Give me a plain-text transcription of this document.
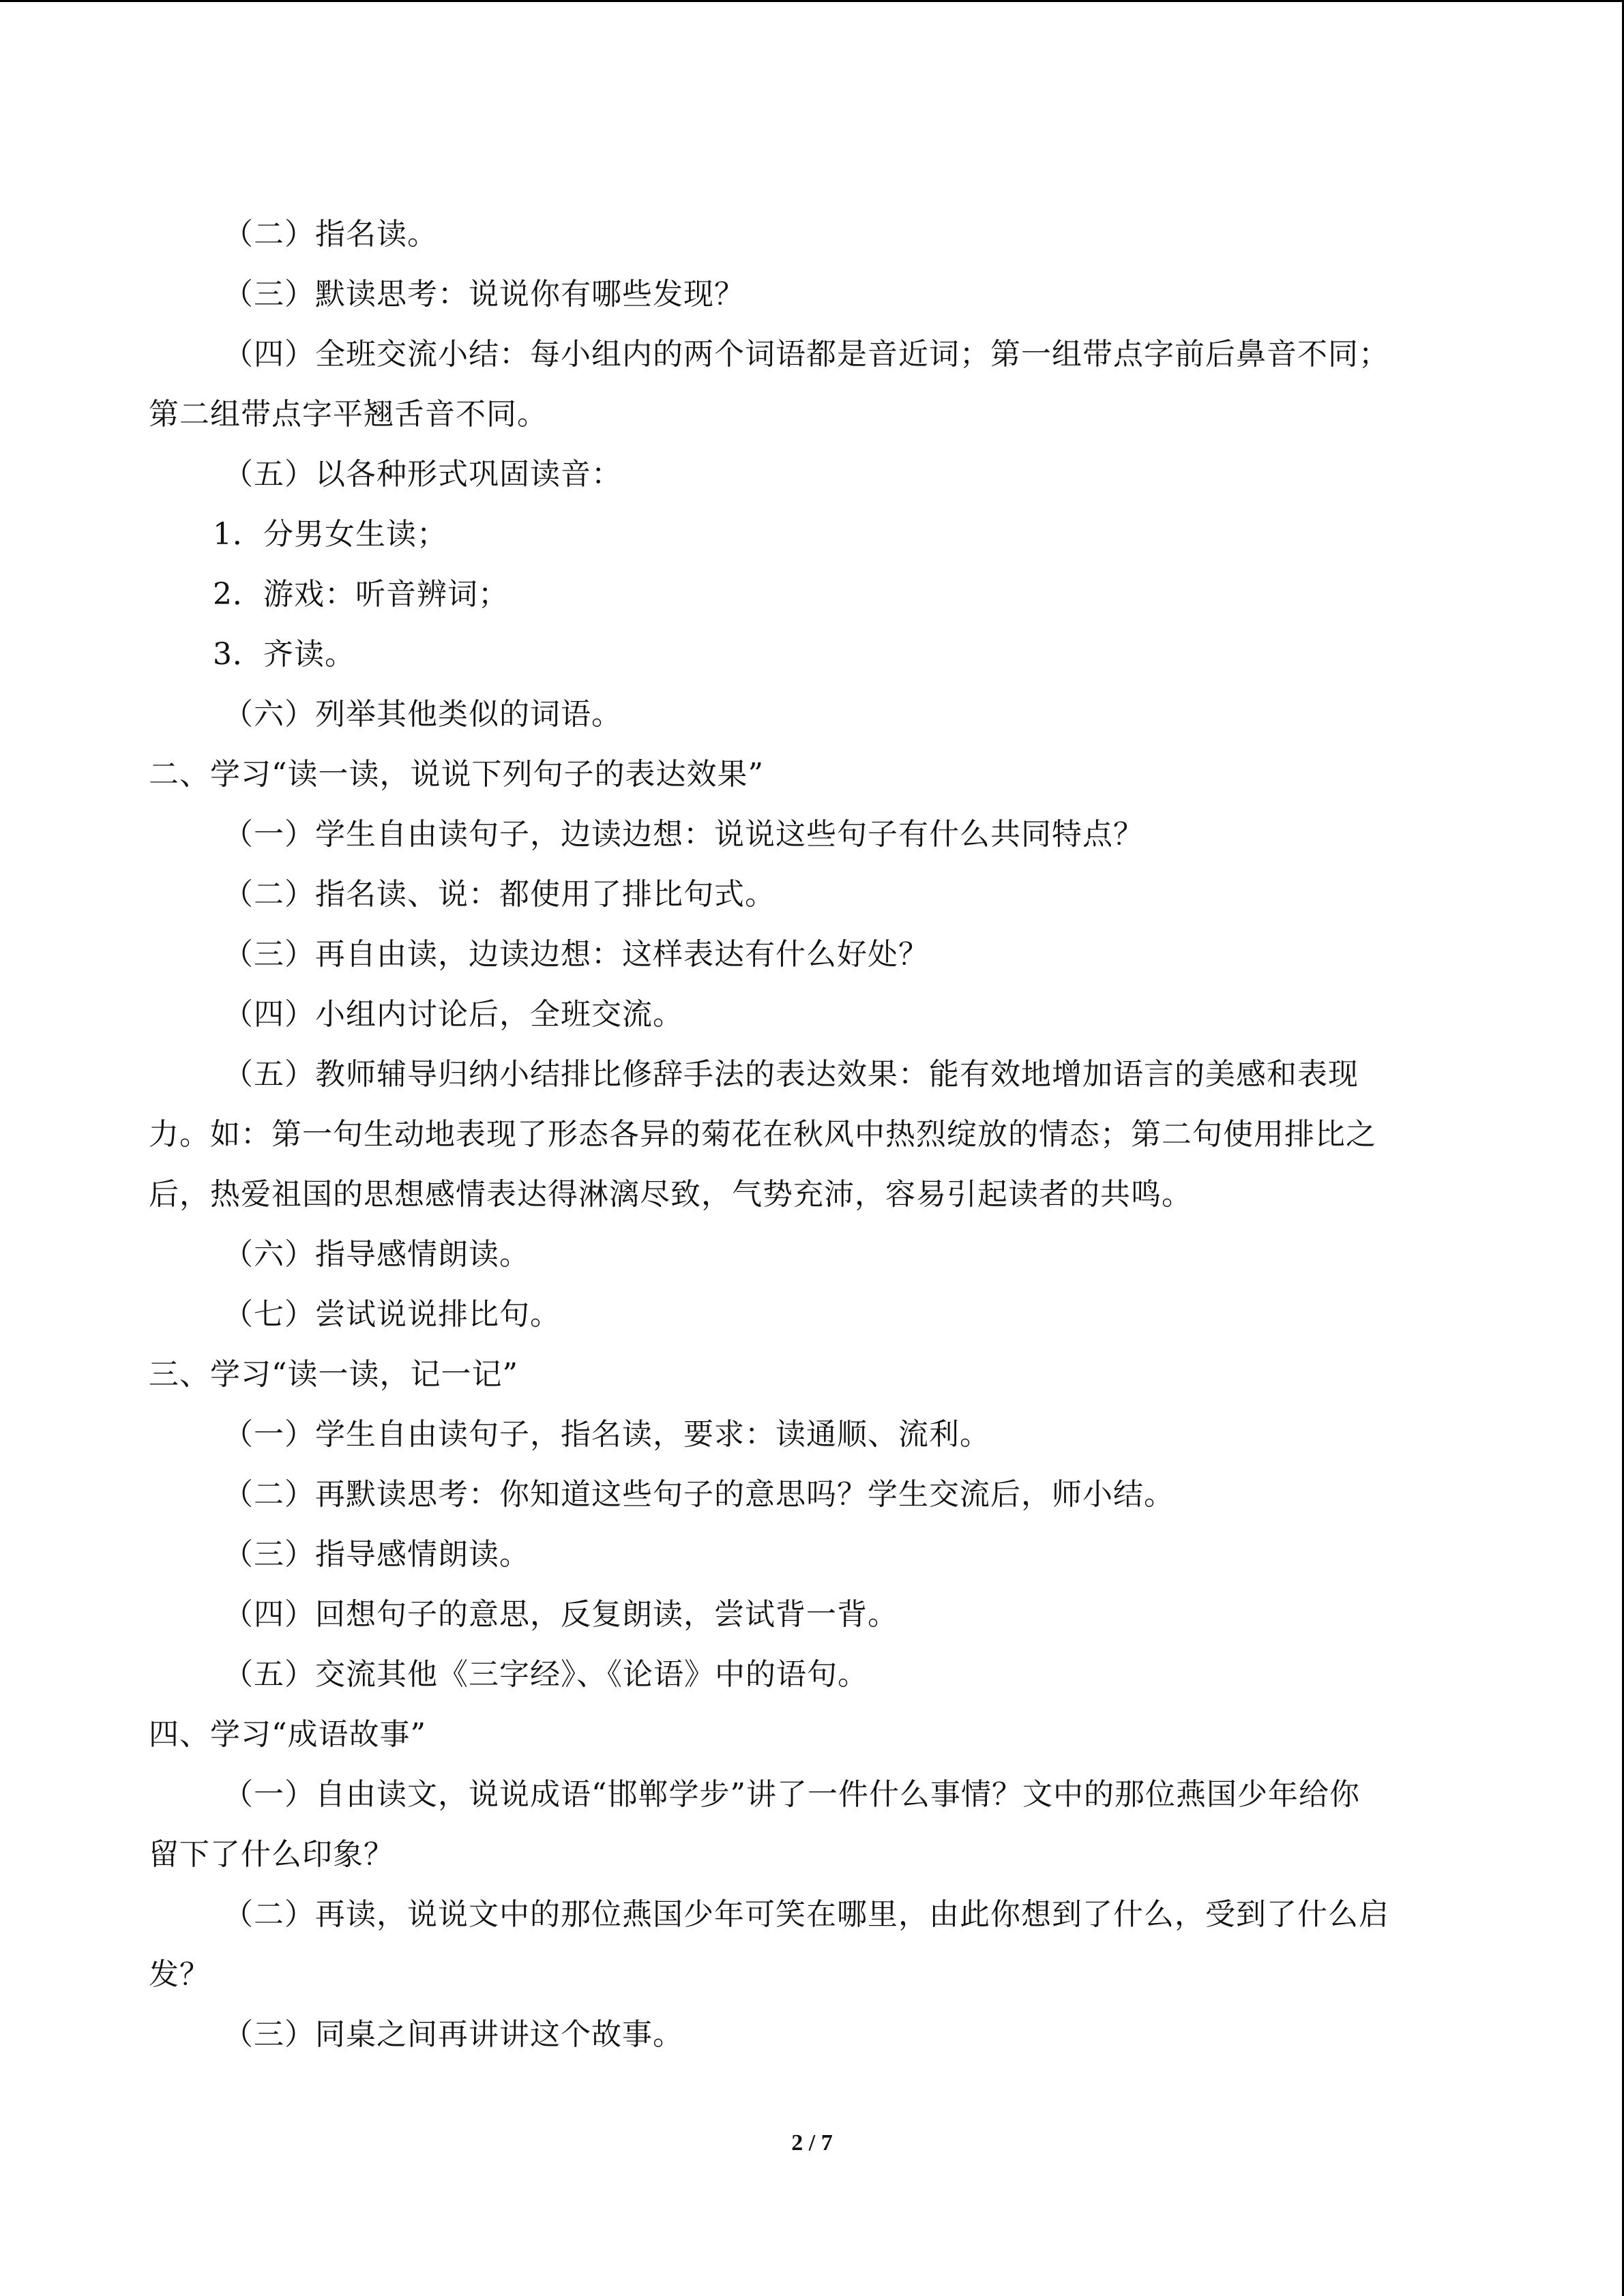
（二）指名读。
（三）默读思考：说说你有哪些发现？
（四）全班交流小结：每小组内的两个词语都是音近词；第一组带点字前后鼻音不同；
第二组带点字平翘舌音不同。
（五）以各种形式巩固读音：
1．分男女生读；
2．游戏：听音辨词；
3．齐读。
（六）列举其他类似的词语。
二、学习“读一读，说说下列句子的表达效果”
（一）学生自由读句子，边读边想：说说这些句子有什么共同特点？
（二）指名读、说：都使用了排比句式。
（三）再自由读，边读边想：这样表达有什么好处？
（四）小组内讨论后，全班交流。
（五）教师辅导归纳小结排比修辞手法的表达效果：能有效地增加语言的美感和表现
力。如：第一句生动地表现了形态各异的菊花在秋风中热烈绽放的情态；第二句使用排比之
后，热爱祖国的思想感情表达得淋漓尽致，气势充沛，容易引起读者的共鸣。
（六）指导感情朗读。
（七）尝试说说排比句。
三、学习“读一读，记一记”
（一）学生自由读句子，指名读，要求：读通顺、流利。
（二）再默读思考：你知道这些句子的意思吗？学生交流后，师小结。
（三）指导感情朗读。
（四）回想句子的意思，反复朗读，尝试背一背。
（五）交流其他《三字经》、《论语》中的语句。
四、学习“成语故事”
（一）自由读文，说说成语“邯郸学步”讲了一件什么事情？文中的那位燕国少年给你
留下了什么印象？
（二）再读，说说文中的那位燕国少年可笑在哪里，由此你想到了什么，受到了什么启
发？
（三）同桌之间再讲讲这个故事。
2 / 7
